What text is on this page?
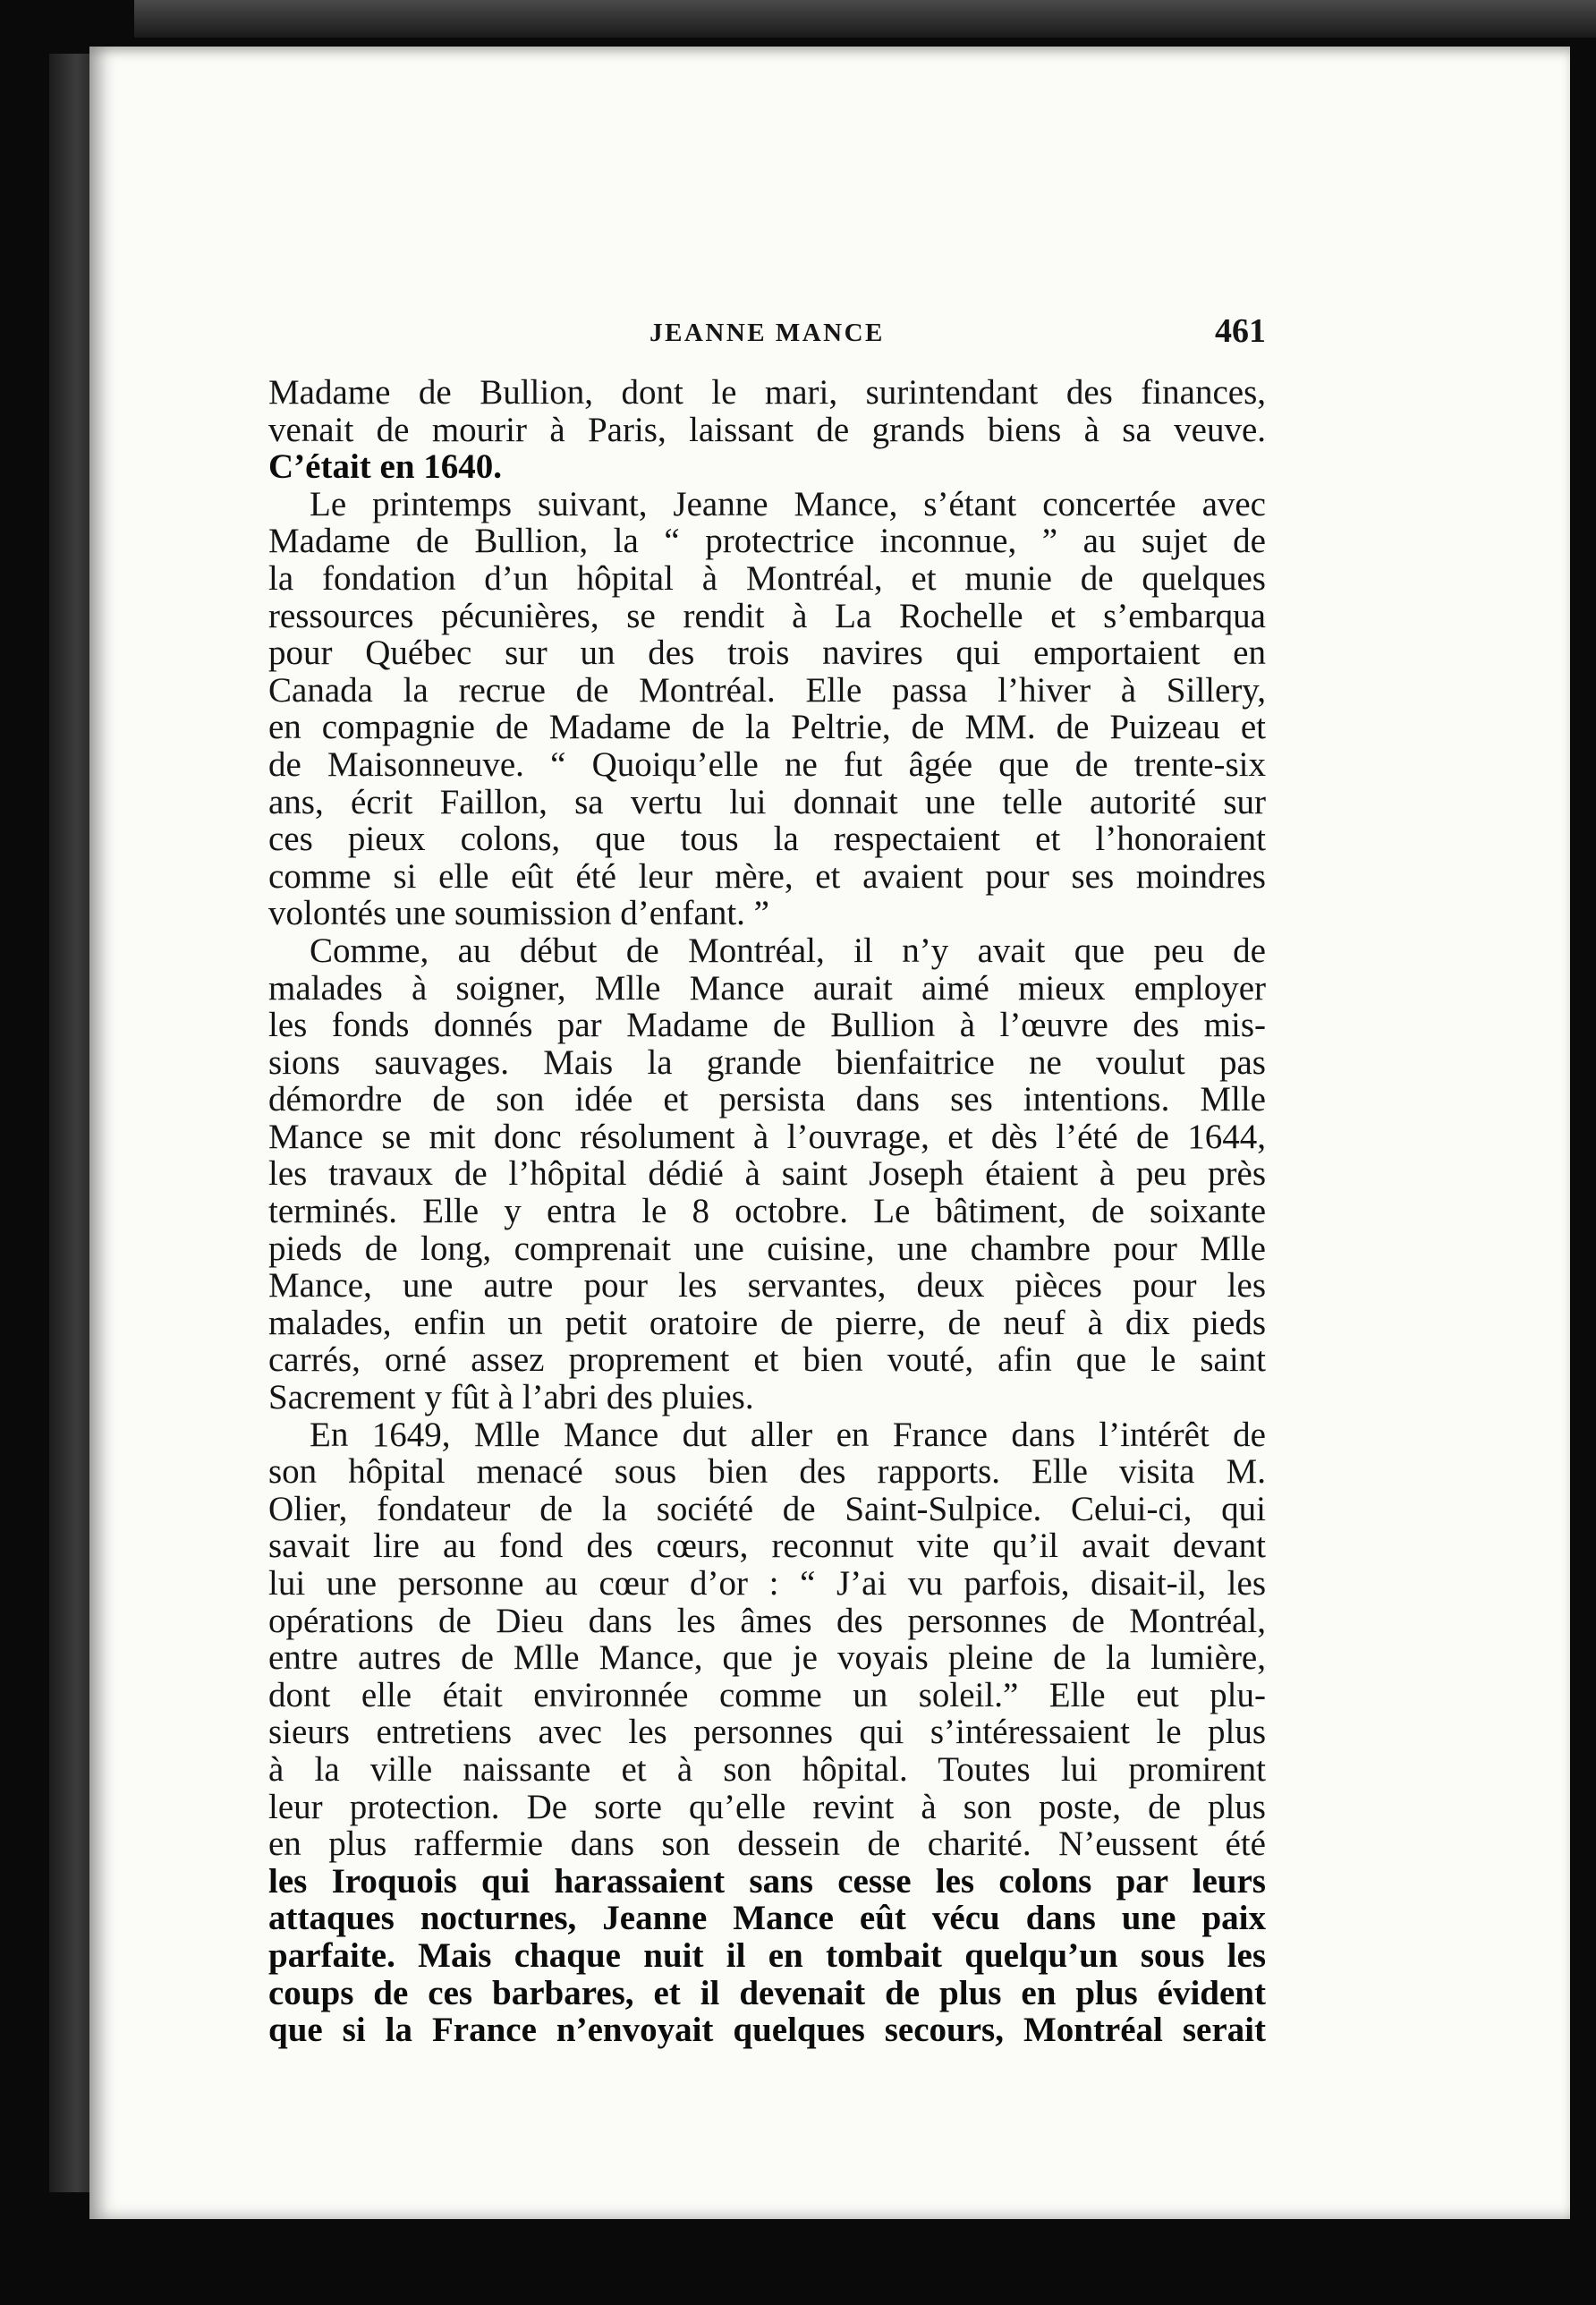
JEANNE MANCE	461
Madame de Bullion, dont le mari, surintendant des finances,
venait de mourir à Paris, laissant de grands biens à sa veuve.
C’était en 1640.
Le printemps suivant, Jeanne Mance, s’étant concertée avec
Madame de Bullion, la “ protectrice inconnue, ” au sujet de
la fondation d’un hôpital à Montréal, et munie de quelques
ressources pécunières, se rendit à La Rochelle et s’embarqua
pour Québec sur un des trois navires qui emportaient en
Canada la recrue de Montréal. Elle passa l’hiver à Sillery,
en compagnie de Madame de la Peltrie, de MM. de Puizeau et
de Maisonneuve. “ Quoiqu’elle ne fut âgée que de trente-six
ans, écrit Faillon, sa vertu lui donnait une telle autorité sur
ces pieux colons, que tous la respectaient et l’honoraient
comme si elle eût été leur mère, et avaient pour ses moindres
volontés une soumission d’enfant. ”
Comme, au début de Montréal, il n’y avait que peu de
malades à soigner, Mlle Mance aurait aimé mieux employer
les fonds donnés par Madame de Bullion à l’œuvre des mis-
sions sauvages. Mais la grande bienfaitrice ne voulut pas
démordre de son idée et persista dans ses intentions. Mlle
Mance se mit donc résolument à l’ouvrage, et dès l’été de 1644,
les travaux de l’hôpital dédié à saint Joseph étaient à peu près
terminés. Elle y entra le 8 octobre. Le bâtiment, de soixante
pieds de long, comprenait une cuisine, une chambre pour Mlle
Mance, une autre pour les servantes, deux pièces pour les
malades, enfin un petit oratoire de pierre, de neuf à dix pieds
carrés, orné assez proprement et bien vouté, afin que le saint
Sacrement y fût à l’abri des pluies.
En 1649, Mlle Mance dut aller en France dans l’intérêt de
son hôpital menacé sous bien des rapports. Elle visita M.
Olier, fondateur de la société de Saint-Sulpice. Celui-ci, qui
savait lire au fond des cœurs, reconnut vite qu’il avait devant
lui une personne au cœur d’or : “ J’ai vu parfois, disait-il, les
opérations de Dieu dans les âmes des personnes de Montréal,
entre autres de Mlle Mance, que je voyais pleine de la lumière,
dont elle était environnée comme un soleil.” Elle eut plu-
sieurs entretiens avec les personnes qui s’intéressaient le plus
à la ville naissante et à son hôpital. Toutes lui promirent
leur protection. De sorte qu’elle revint à son poste, de plus
en plus raffermie dans son dessein de charité. N’eussent été
les Iroquois qui harassaient sans cesse les colons par leurs
attaques nocturnes, Jeanne Mance eût vécu dans une paix
parfaite. Mais chaque nuit il en tombait quelqu’un sous les
coups de ces barbares, et il devenait de plus en plus évident
que si la France n’envoyait quelques secours, Montréal serait
